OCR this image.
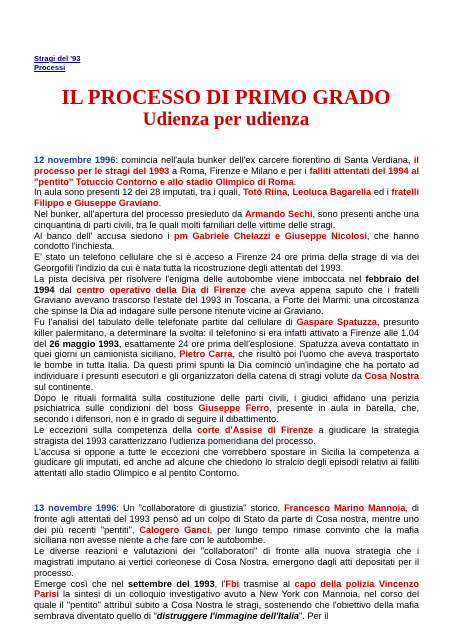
Stragi del '93
Processi
IL PROCESSO DI PRIMO GRADO
Udienza per udienza

12 novembre 1996: comincia nell'aula bunker dell'ex carcere fiorentino di Santa Verdiana, il processo per le stragi del 1993 a Roma, Firenze e Milano e per i falliti attentati del 1994 al "pentito" Totuccio Contorno e allo stadio Olimpico di Roma.

In aula sono presenti 12 dei 28 imputati, tra i quali, Totò Riina, Leoluca Bagarella ed i fratelli Filippo e Giuseppe Graviano.

Nel bunker, all'apertura del processo presieduto da Armando Sechi, sono presenti anche una cinquantina di parti civili, tra le quali molti familiari delle vittime delle stragi.

Al banco dell' accusa siedono i pm Gabriele Chelazzi e Giuseppe Nicolosi, che hanno condotto l'inchiesta.

E' stato un telefono cellulare che si è acceso a Firenze 24 ore prima della strage di via dei Georgofili l'indizio da cui è nata tutta la ricostruzione degli attentati del 1993.

La pista decisiva per risolvere l'enigma delle autobombe viene imboccata nel febbraio del 1994 dal centro operativo della Dia di Firenze che aveva appena saputo che i fratelli Graviano avevano trascorso l'estate del 1993 in Toscana, a Forte dei Marmi: una circostanza che spinse la Dia ad indagare sulle persone ritenute vicine ai Graviano.

Fu l'analisi del tabulato delle telefonate partite dal cellulare di Gaspare Spatuzza, presunto killer palermitano, a determinare la svolta: il telefonino si era infatti attivato a Firenze alle 1.04 del 26 maggio 1993, esattamente 24 ore prima dell'esplosione. Spatuzza aveva contattato in quei giorni un camionista siciliano, Pietro Carra, che risultò poi l'uomo che aveva trasportato le bombe in tutta Italia. Da questi primi spunti la Dia cominciò un'indagine che ha portato ad individuare i presunti esecutori e gli organizzatori della catena di stragi volute da Cosa Nostra sul continente.

Dopo le rituali formalità sulla costituzione delle parti civili, i giudici affidano una perizia psichiatrica sulle condizioni del boss Giuseppe Ferro, presente in aula in barella, che, secondo i difensori, non è in grado di seguire il dibattimento.

Le eccezioni sulla competenza della corte d'Assise di Firenze a giudicare la strategia stragista del 1993 caratterizzano l'udienza pomeridiana del processo.

L'accusa si oppone a tutte le eccezioni che vorrebbero spostare in Sicilia la competenza a giudicare gli imputati, ed anche ad alcune che chiedono lo stralcio degli episodi relativi ai falliti attentati allo stadio Olimpico e al pentito Contorno.

13 novembre 1996: Un "collaboratore di giustizia" storico, Francesco Marino Mannoia, di fronte agli attentati del 1993 pensò ad un colpo di Stato da parte di Cosa nostra, mentre uno dei più recenti "pentiti", Calogero Ganci, per lungo tempo rimase convinto che la mafia siciliana non avesse niente a che fare con le autobombe.

Le diverse reazioni e valutazioni dei "collaboratori" di fronte alla nuova strategia che i magistrati imputano ai vertici corleonese di Cosa Nostra, emergono dagli atti depositati per il processo.

Emerge così che nel settembre del 1993, l'Fbi trasmise al capo della polizia Vincenzo Parisi la sintesi di un colloquio investigativo avuto a New York con Mannoia, nel corso del quale il "pentito" attribuì subito a Cosa Nostra le stragi, sostenendo che l'obiettivo della mafia sembrava diventato quello di "distruggere l'immagine dell'Italia". Per il
